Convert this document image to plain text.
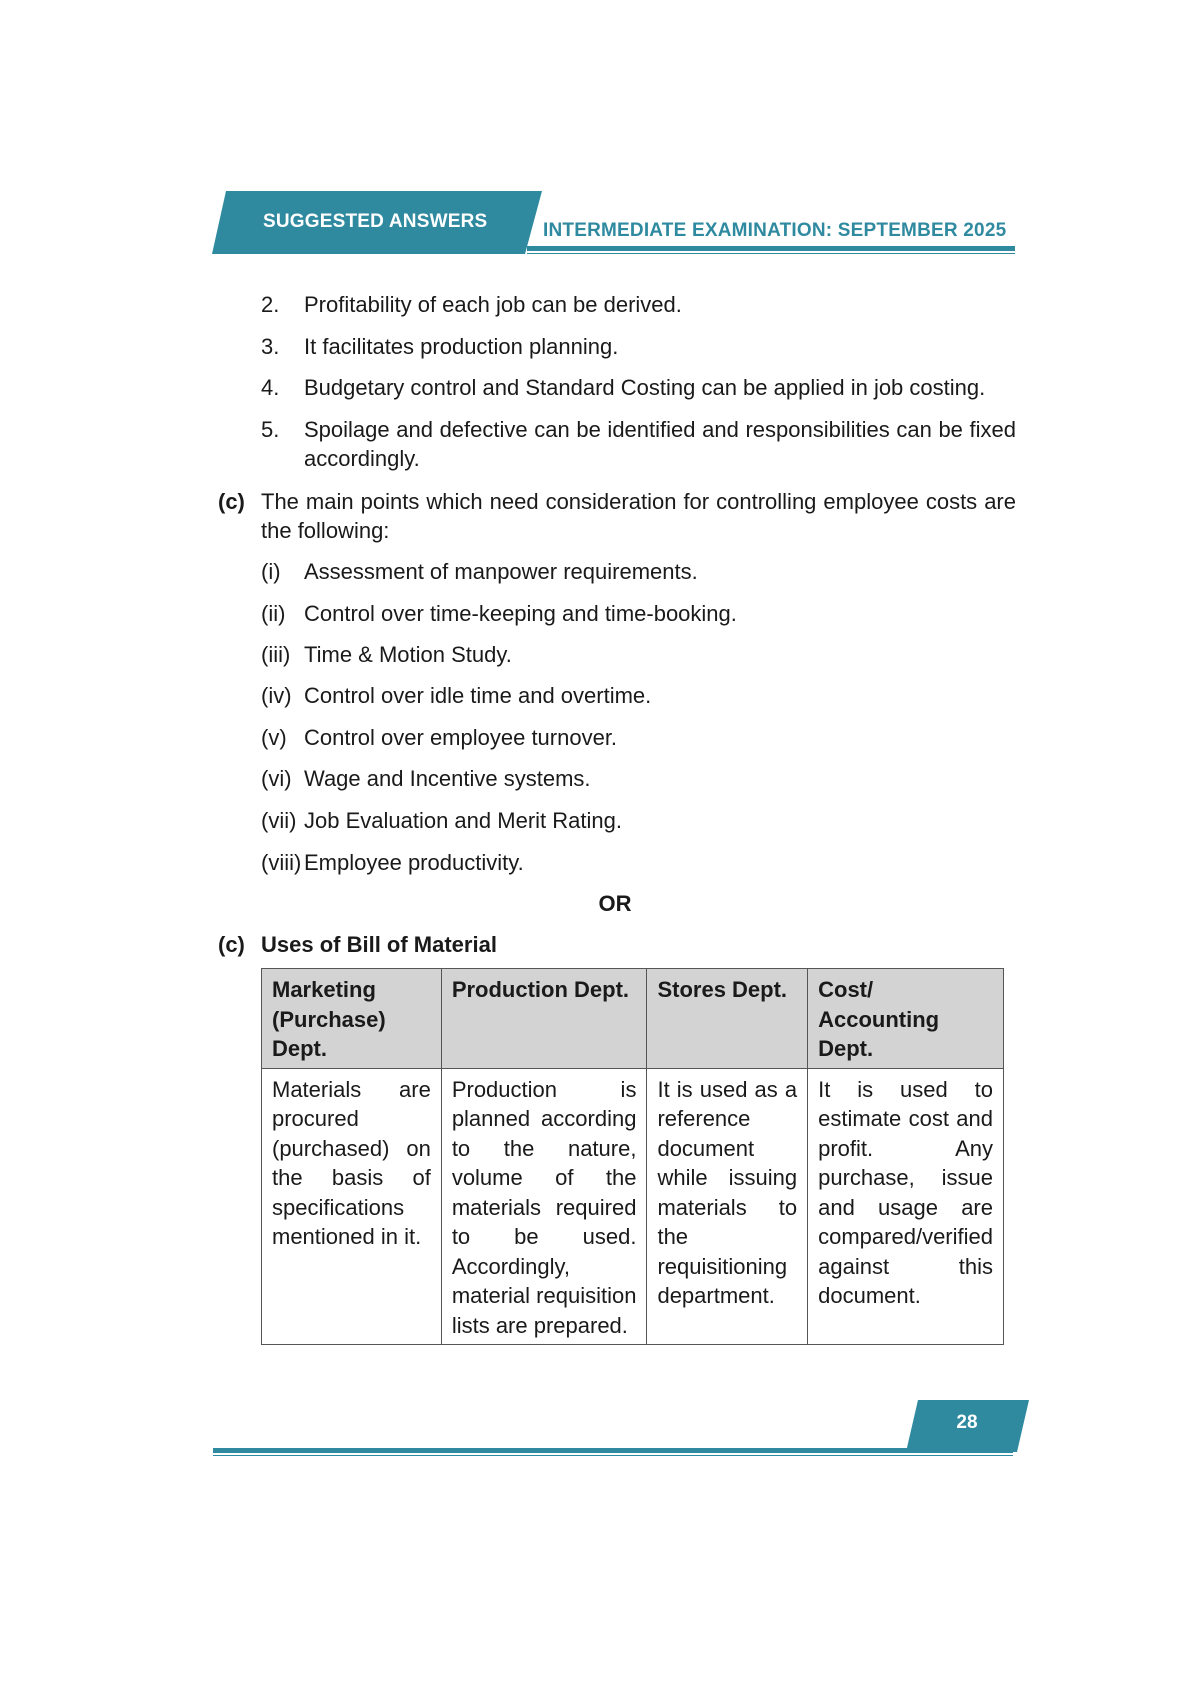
SUGGESTED ANSWERS	INTERMEDIATE EXAMINATION: SEPTEMBER 2025
2. Profitability of each job can be derived.
3. It facilitates production planning.
4. Budgetary control and Standard Costing can be applied in job costing.
5. Spoilage and defective can be identified and responsibilities can be fixed accordingly.
(c) The main points which need consideration for controlling employee costs are the following:
(i) Assessment of manpower requirements.
(ii) Control over time-keeping and time-booking.
(iii) Time & Motion Study.
(iv) Control over idle time and overtime.
(v) Control over employee turnover.
(vi) Wage and Incentive systems.
(vii) Job Evaluation and Merit Rating.
(viii) Employee productivity.
OR
(c) Uses of Bill of Material
Marketing (Purchase) Dept.	Production Dept.	Stores Dept.	Cost/ Accounting Dept.
Materials are procured (purchased) on the basis of specifications mentioned in it.	Production is planned according to the nature, volume of the materials required to be used. Accordingly, material requisition lists are prepared.	It is used as a reference document while issuing materials to the requisitioning department.	It is used to estimate cost and profit. Any purchase, issue and usage are compared/verified against this document.
28
